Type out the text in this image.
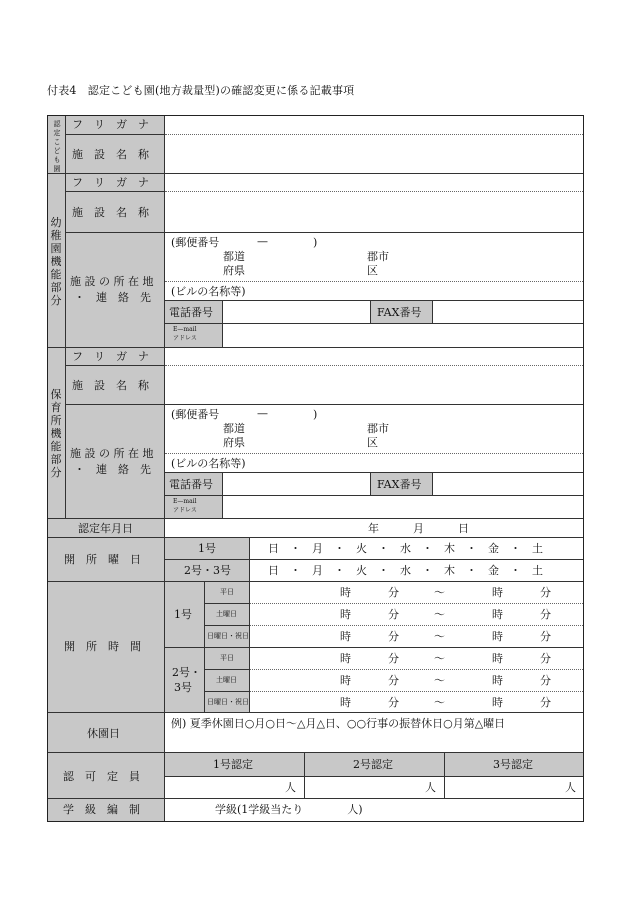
付表4　認定こども園(地方裁量型)の確認変更に係る記載事項
認
定
こ
ど
も
園
フ　リ　ガ　ナ
施　設　名　称
幼
稚
園
機
能
部
分
フ　リ　ガ　ナ
施　設　名　称
施 設 の 所 在 地
・　連　絡　先
(郵便番号	—	)
都道
府県
郡市
区
(ビルの名称等)
電話番号	FAX番号
E—mail
アドレス
保
育
所
機
能
部
分
フ　リ　ガ　ナ
施　設　名　称
施 設 の 所 在 地
・　連　絡　先
(郵便番号	—	)
都道
府県
郡市
区
(ビルの名称等)
電話番号	FAX番号
E—mail
アドレス
認定年月日	年	月	日
開　所　曜　日
1号	日　・　月　・　火　・　水　・　木　・　金　・　土
2号・3号	日　・　月　・　火　・　水　・　木　・　金　・　土
開　所　時　間
1号
2号・
3号
平日	時	分	～	時	分
土曜日	時	分	～	時	分
日曜日・祝日	時	分	～	時	分
平日	時	分	～	時	分
土曜日	時	分	～	時	分
日曜日・祝日	時	分	～	時	分
休園日
例) 夏季休園日○月○日～△月△日、○○行事の振替休日○月第△曜日
認　可　定　員
1号認定	2号認定	3号認定
人	人	人
学　級　編　制	学級(1学級当たり　　　　人)
